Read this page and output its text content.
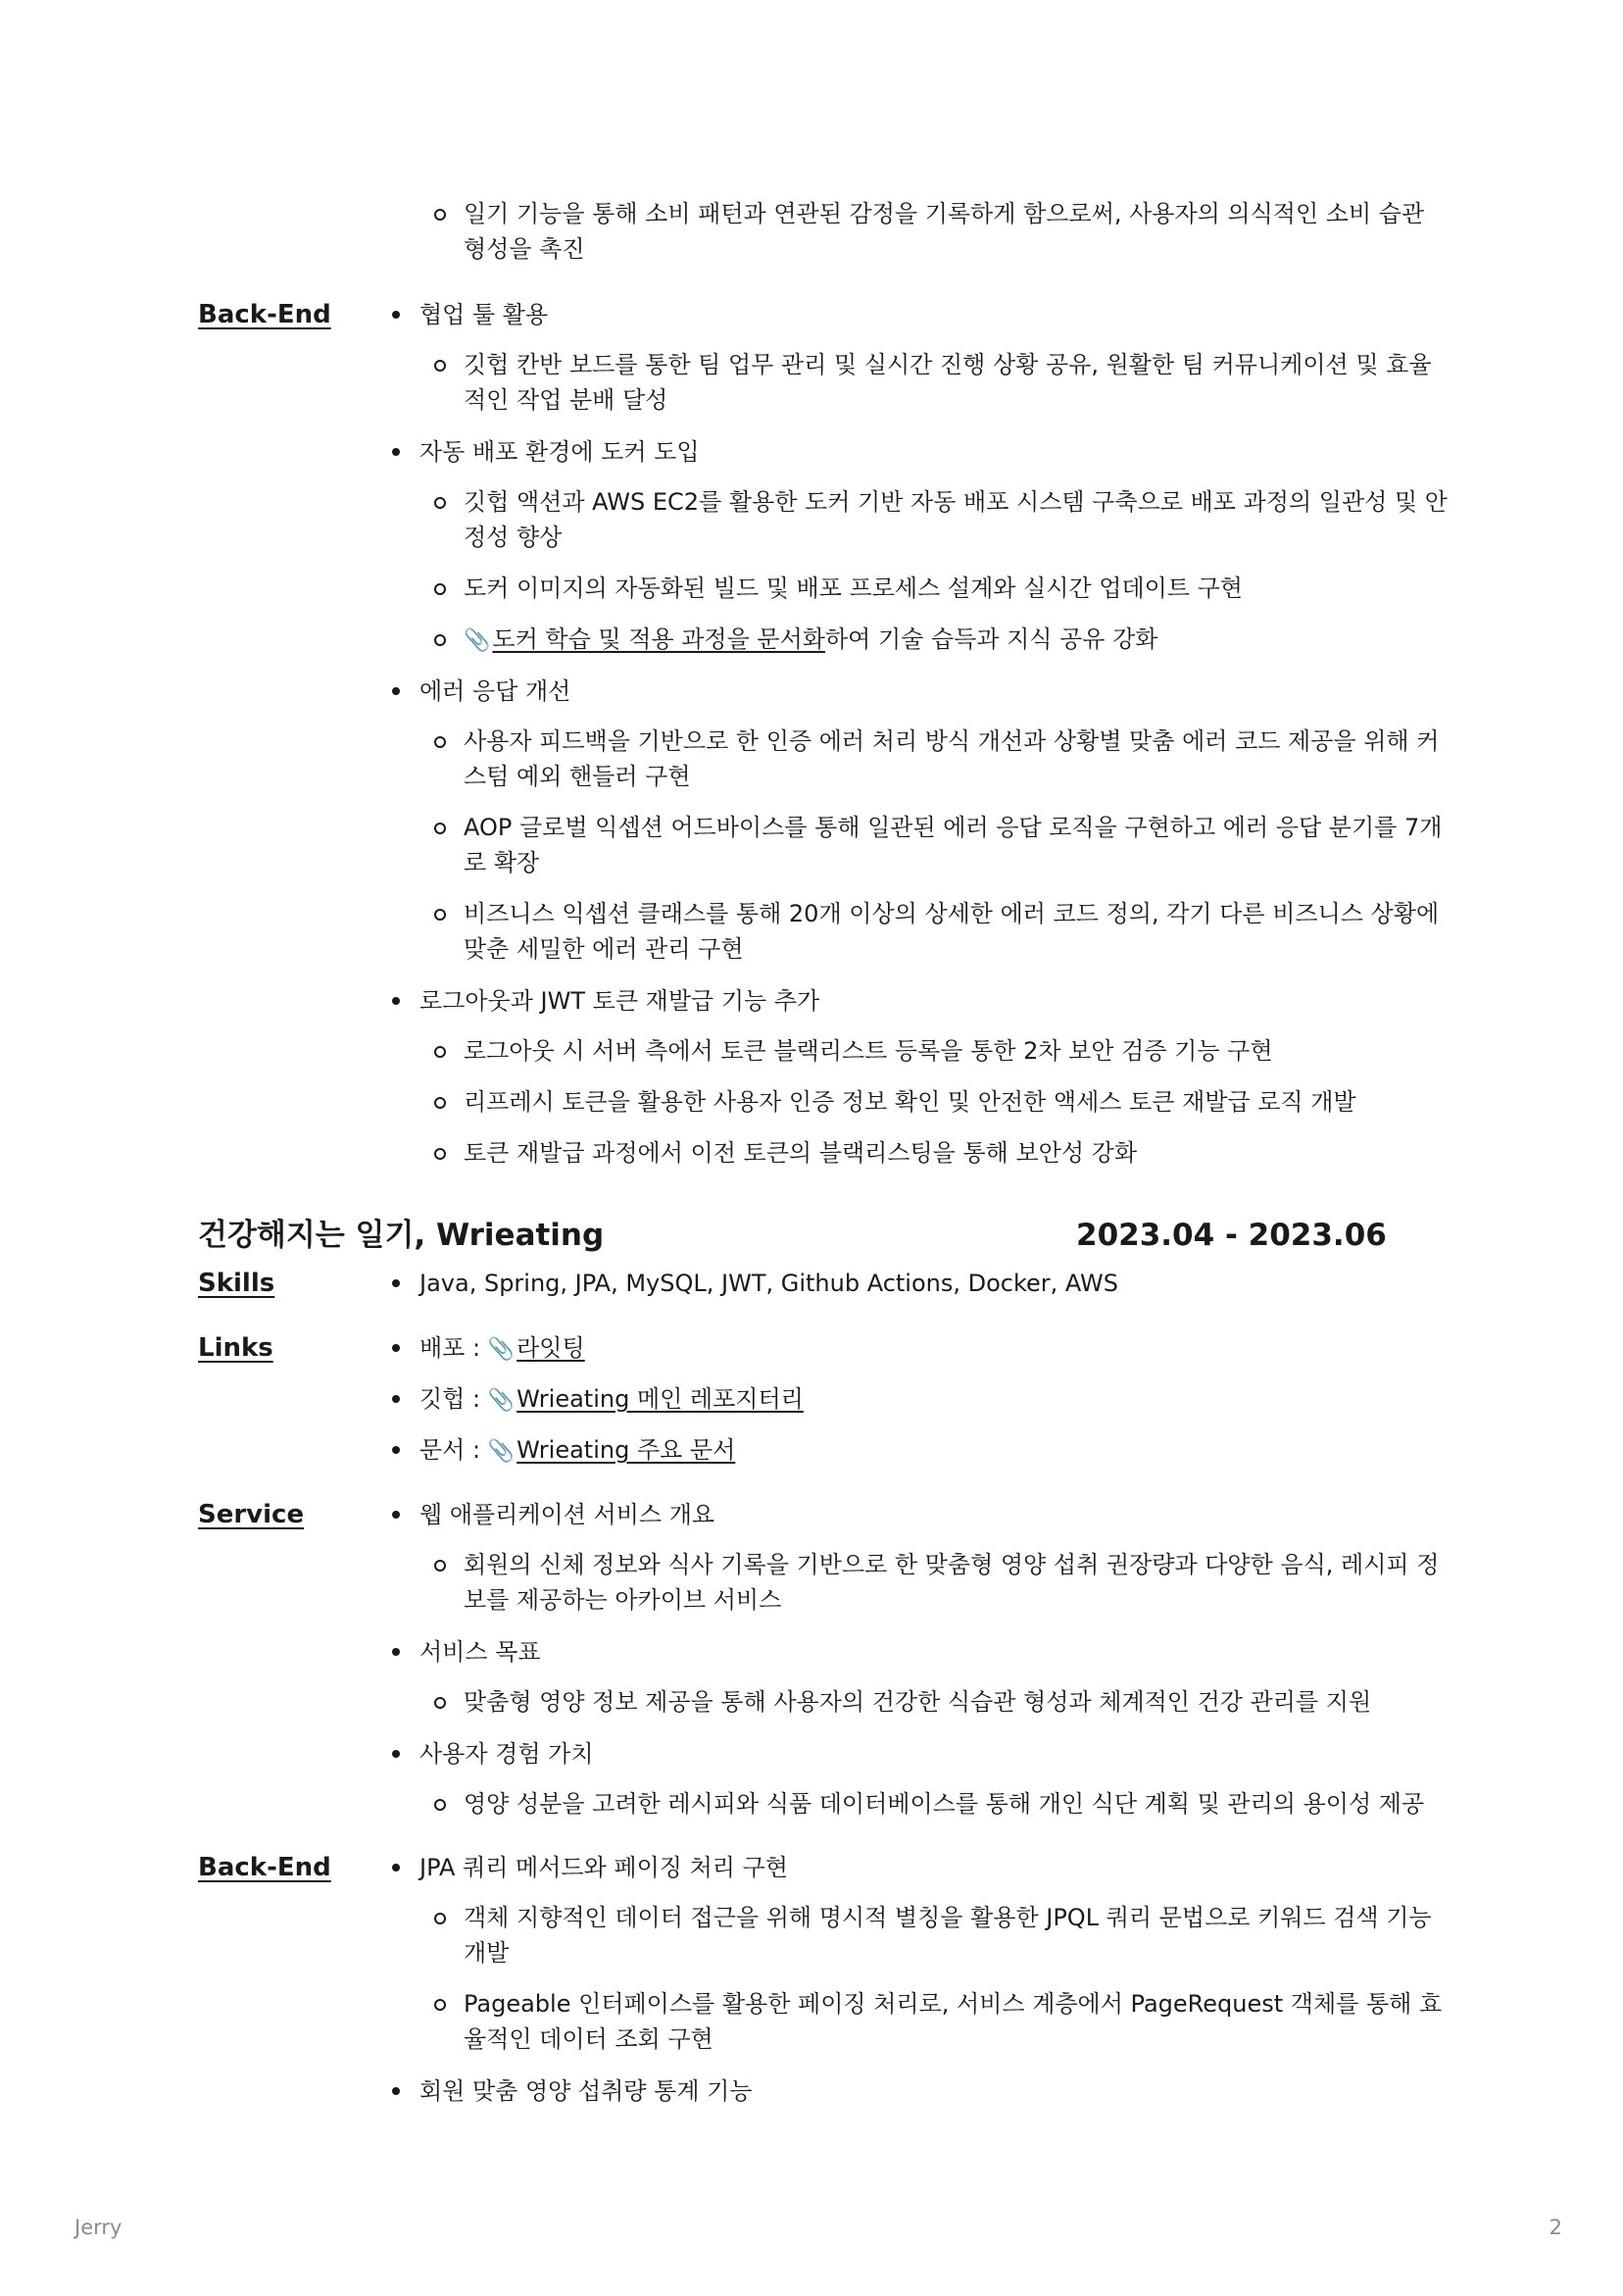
일기 기능을 통해 소비 패턴과 연관된 감정을 기록하게 함으로써, 사용자의 의식적인 소비 습관 형성을 촉진
Back-End	협업 툴 활용
깃헙 칸반 보드를 통한 팀 업무 관리 및 실시간 진행 상황 공유, 원활한 팀 커뮤니케이션 및 효율적인 작업 분배 달성
자동 배포 환경에 도커 도입
깃헙 액션과 AWS EC2를 활용한 도커 기반 자동 배포 시스템 구축으로 배포 과정의 일관성 및 안정성 향상
도커 이미지의 자동화된 빌드 및 배포 프로세스 설계와 실시간 업데이트 구현
📎도커 학습 및 적용 과정을 문서화하여 기술 습득과 지식 공유 강화
에러 응답 개선
사용자 피드백을 기반으로 한 인증 에러 처리 방식 개선과 상황별 맞춤 에러 코드 제공을 위해 커스텀 예외 핸들러 구현
AOP 글로벌 익셉션 어드바이스를 통해 일관된 에러 응답 로직을 구현하고 에러 응답 분기를 7개로 확장
비즈니스 익셉션 클래스를 통해 20개 이상의 상세한 에러 코드 정의, 각기 다른 비즈니스 상황에 맞춘 세밀한 에러 관리 구현
로그아웃과 JWT 토큰 재발급 기능 추가
로그아웃 시 서버 측에서 토큰 블랙리스트 등록을 통한 2차 보안 검증 기능 구현
리프레시 토큰을 활용한 사용자 인증 정보 확인 및 안전한 액세스 토큰 재발급 로직 개발
토큰 재발급 과정에서 이전 토큰의 블랙리스팅을 통해 보안성 강화
건강해지는 일기, Wrieating	2023.04 - 2023.06
Skills	Java, Spring, JPA, MySQL, JWT, Github Actions, Docker, AWS
Links	배포 : 📎라잇팅
깃헙 : 📎Wrieating 메인 레포지터리
문서 : 📎Wrieating 주요 문서
Service	웹 애플리케이션 서비스 개요
회원의 신체 정보와 식사 기록을 기반으로 한 맞춤형 영양 섭취 권장량과 다양한 음식, 레시피 정보를 제공하는 아카이브 서비스
서비스 목표
맞춤형 영양 정보 제공을 통해 사용자의 건강한 식습관 형성과 체계적인 건강 관리를 지원
사용자 경험 가치
영양 성분을 고려한 레시피와 식품 데이터베이스를 통해 개인 식단 계획 및 관리의 용이성 제공
Back-End	JPA 쿼리 메서드와 페이징 처리 구현
객체 지향적인 데이터 접근을 위해 명시적 별칭을 활용한 JPQL 쿼리 문법으로 키워드 검색 기능 개발
Pageable 인터페이스를 활용한 페이징 처리로, 서비스 계층에서 PageRequest 객체를 통해 효율적인 데이터 조회 구현
회원 맞춤 영양 섭취량 통계 기능
Jerry	2
